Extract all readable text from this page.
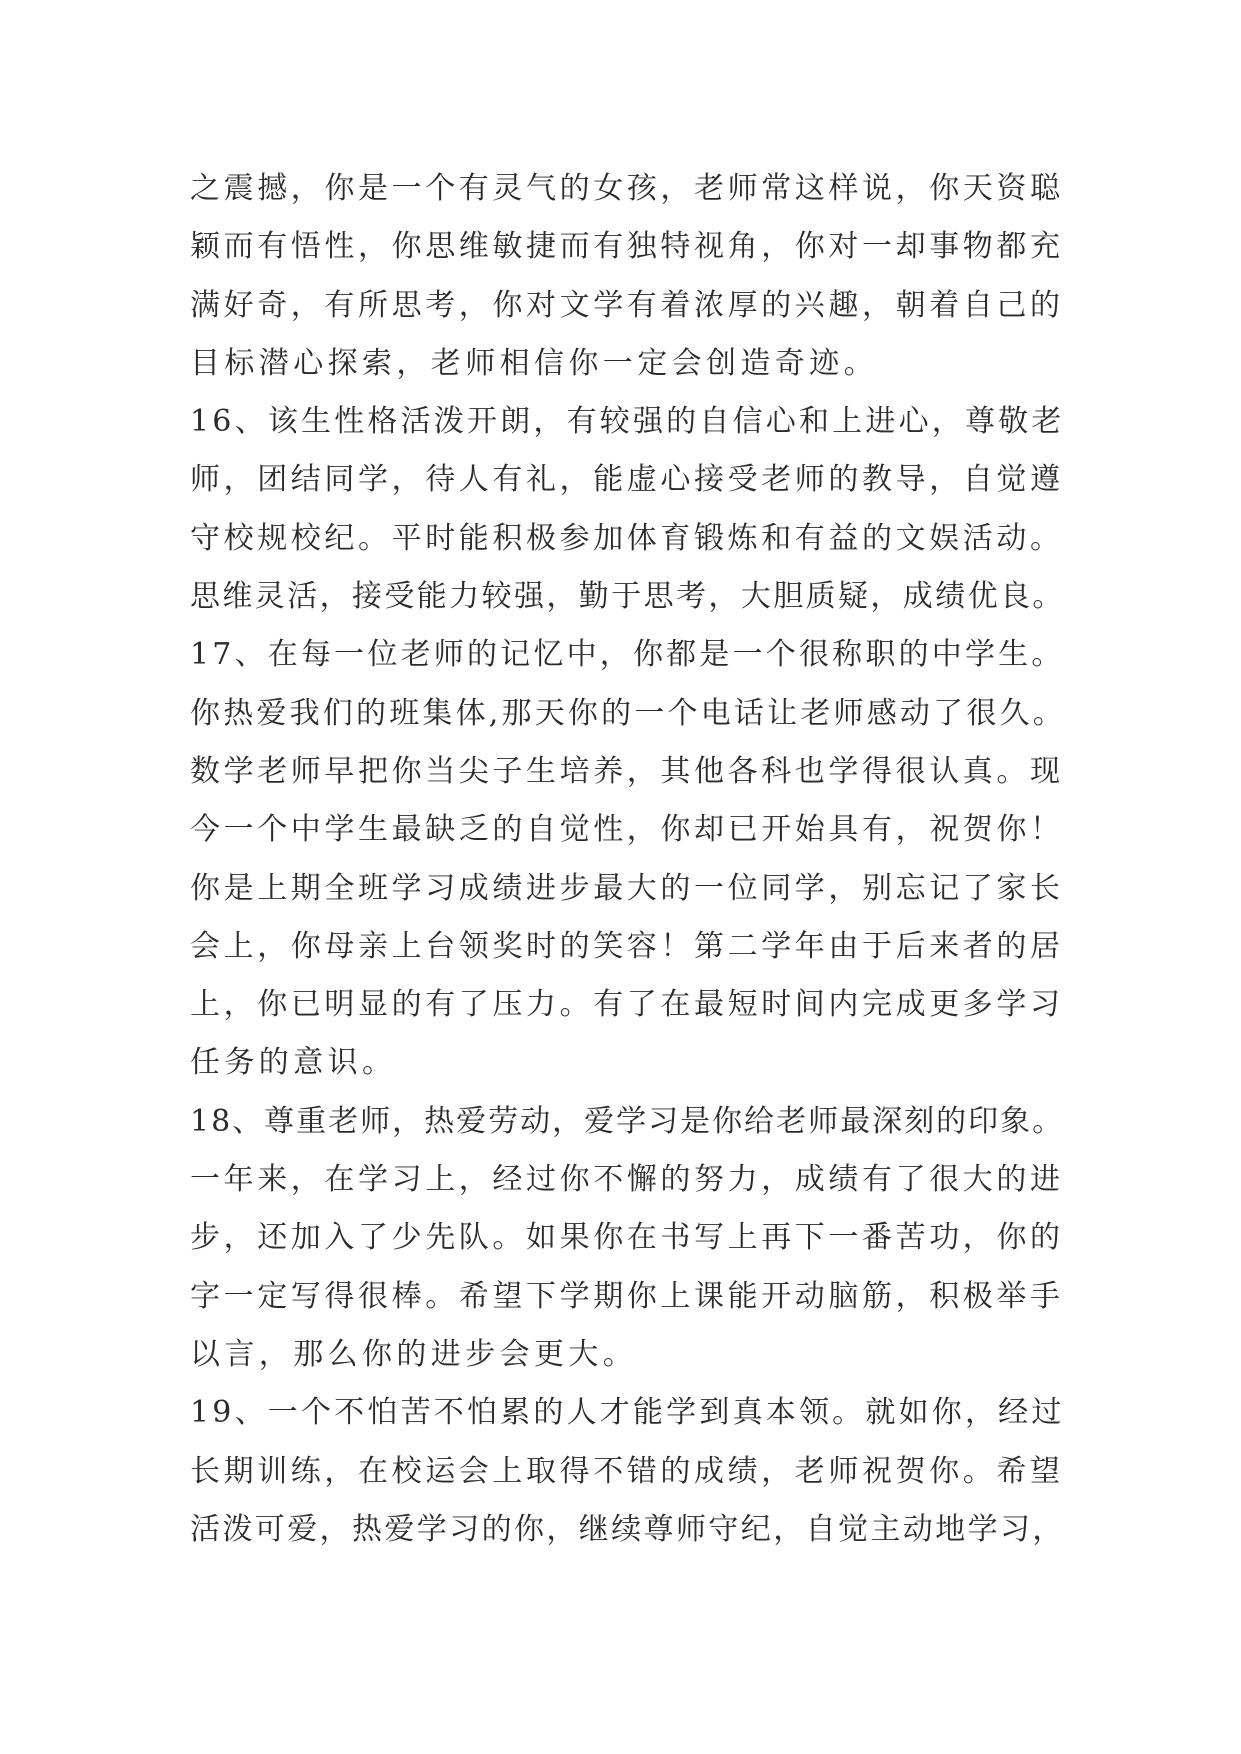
之震撼，你是一个有灵气的女孩，老师常这样说，你天资聪
颖而有悟性，你思维敏捷而有独特视角，你对一却事物都充
满好奇，有所思考，你对文学有着浓厚的兴趣，朝着自己的
目标潜心探索，老师相信你一定会创造奇迹。
16、该生性格活泼开朗，有较强的自信心和上进心，尊敬老
师，团结同学，待人有礼，能虚心接受老师的教导，自觉遵
守校规校纪。平时能积极参加体育锻炼和有益的文娱活动。
思维灵活，接受能力较强，勤于思考，大胆质疑，成绩优良。
17、在每一位老师的记忆中，你都是一个很称职的中学生。
你热爱我们的班集体,那天你的一个电话让老师感动了很久。
数学老师早把你当尖子生培养，其他各科也学得很认真。现
今一个中学生最缺乏的自觉性，你却已开始具有，祝贺你！
你是上期全班学习成绩进步最大的一位同学，别忘记了家长
会上，你母亲上台领奖时的笑容！第二学年由于后来者的居
上，你已明显的有了压力。有了在最短时间内完成更多学习
任务的意识。
18、尊重老师，热爱劳动，爱学习是你给老师最深刻的印象。
一年来，在学习上，经过你不懈的努力，成绩有了很大的进
步，还加入了少先队。如果你在书写上再下一番苦功，你的
字一定写得很棒。希望下学期你上课能开动脑筋，积极举手
以言，那么你的进步会更大。
19、一个不怕苦不怕累的人才能学到真本领。就如你，经过
长期训练，在校运会上取得不错的成绩，老师祝贺你。希望
活泼可爱，热爱学习的你，继续尊师守纪，自觉主动地学习，
